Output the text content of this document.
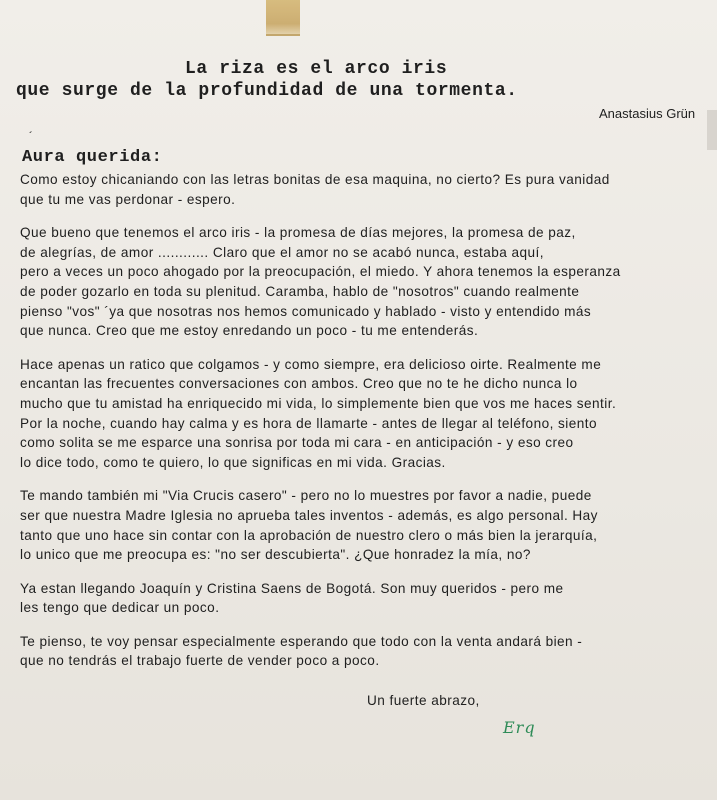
La riza es el arco iris
que surge de la profundidad de una tormenta.
Anastasius Grün
´
Aura querida:
Como estoy chicaniando con las letras bonitas de esa maquina, no cierto? Es pura vanidad
que tu me vas perdonar - espero.
Que bueno que tenemos el arco iris - la promesa de días mejores, la promesa de paz,
de alegrías, de amor ............ Claro que el amor no se acabó nunca, estaba aquí,
pero a veces un poco ahogado por la preocupación, el miedo. Y ahora tenemos la esperanza
de poder gozarlo en toda su plenitud. Caramba, hablo de "nosotros" cuando realmente
pienso "vos" ´ya que nosotras nos hemos comunicado y hablado - visto y entendido más
que nunca. Creo que me estoy enredando un poco - tu me entenderás.
Hace apenas un ratico que colgamos - y como siempre, era delicioso oirte. Realmente me
encantan las frecuentes conversaciones con ambos. Creo que no te he dicho nunca lo
mucho que tu amistad ha enriquecido mi vida, lo simplemente bien que vos me haces sentir.
Por la noche, cuando hay calma y es hora de llamarte - antes de llegar al teléfono, siento
como solita se me esparce una sonrisa por toda mi cara - en anticipación - y eso creo
lo dice todo, como te quiero, lo que significas en mi vida. Gracias.
Te mando también mi "Via Crucis casero" - pero no lo muestres por favor a nadie, puede
ser que nuestra Madre Iglesia no aprueba tales inventos - además, es algo personal. Hay
tanto que uno hace sin contar con la aprobación de nuestro clero o más bien la jerarquía,
lo unico que me preocupa es: "no ser descubierta". ¿Que honradez la mía, no?
Ya estan llegando Joaquín y Cristina Saens de Bogotá. Son muy queridos - pero me
les tengo que dedicar un poco.
Te pienso, te voy pensar especialmente esperando que todo con la venta andará bien -
que no tendrás el trabajo fuerte de vender poco a poco.
Un fuerte abrazo,
Erq
